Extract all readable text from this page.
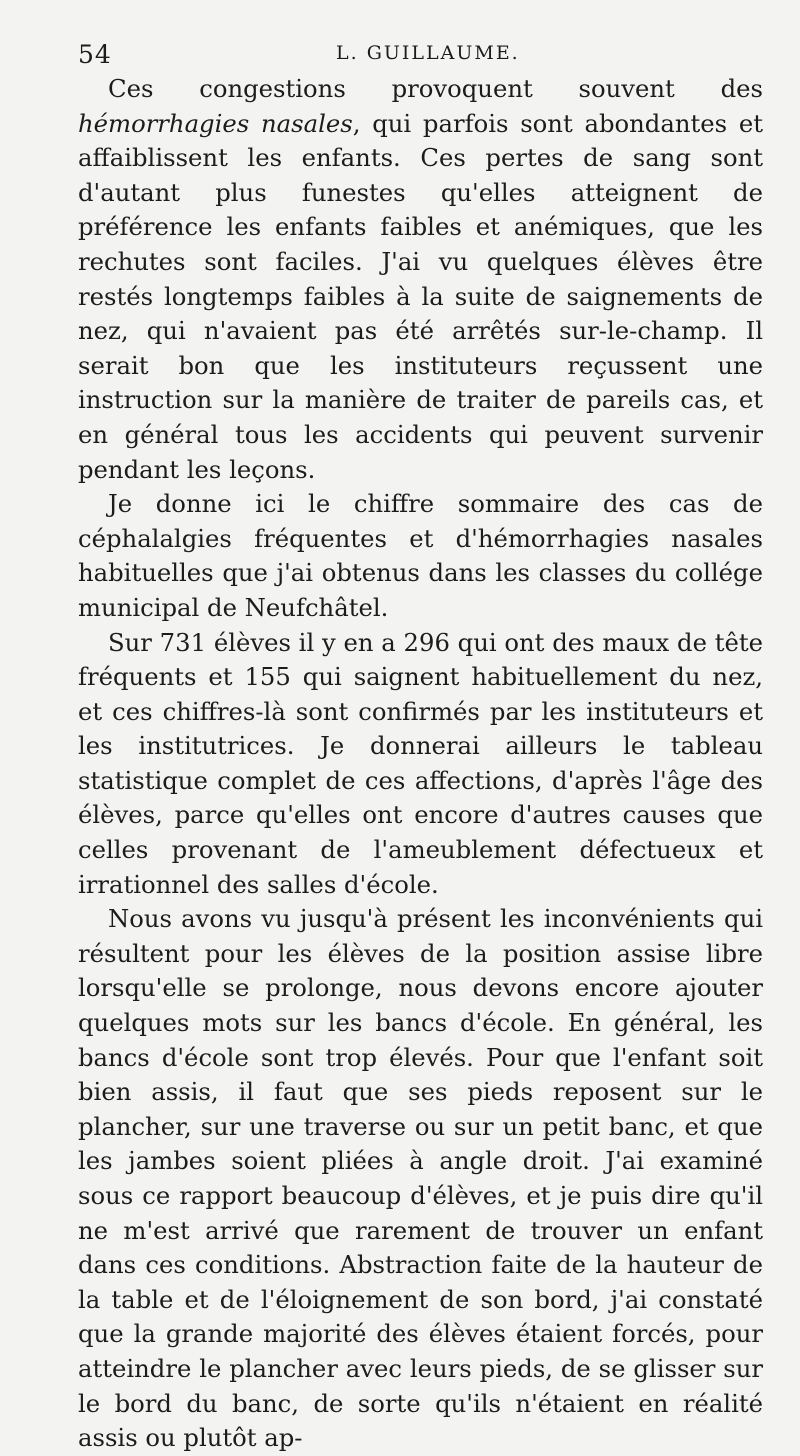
54	L. GUILLAUME.

Ces congestions provoquent souvent des hémorrhagies nasales, qui parfois sont abondantes et affaiblissent les enfants. Ces pertes de sang sont d'autant plus funestes qu'elles atteignent de préférence les enfants faibles et anémiques, que les rechutes sont faciles. J'ai vu quelques élèves être restés longtemps faibles à la suite de saignements de nez, qui n'avaient pas été arrêtés sur-le-champ. Il serait bon que les instituteurs reçussent une instruction sur la manière de traiter de pareils cas, et en général tous les accidents qui peuvent survenir pendant les leçons.

Je donne ici le chiffre sommaire des cas de céphalalgies fréquentes et d'hémorrhagies nasales habituelles que j'ai obtenus dans les classes du collége municipal de Neufchâtel.

Sur 731 élèves il y en a 296 qui ont des maux de tête fréquents et 155 qui saignent habituellement du nez, et ces chiffres-là sont confirmés par les instituteurs et les institutrices. Je donnerai ailleurs le tableau statistique complet de ces affections, d'après l'âge des élèves, parce qu'elles ont encore d'autres causes que celles provenant de l'ameublement défectueux et irrationnel des salles d'école.

Nous avons vu jusqu'à présent les inconvénients qui résultent pour les élèves de la position assise libre lorsqu'elle se prolonge, nous devons encore ajouter quelques mots sur les bancs d'école. En général, les bancs d'école sont trop élevés. Pour que l'enfant soit bien assis, il faut que ses pieds reposent sur le plancher, sur une traverse ou sur un petit banc, et que les jambes soient pliées à angle droit. J'ai examiné sous ce rapport beaucoup d'élèves, et je puis dire qu'il ne m'est arrivé que rarement de trouver un enfant dans ces conditions. Abstraction faite de la hauteur de la table et de l'éloignement de son bord, j'ai constaté que la grande majorité des élèves étaient forcés, pour atteindre le plancher avec leurs pieds, de se glisser sur le bord du banc, de sorte qu'ils n'étaient en réalité assis ou plutôt ap-
